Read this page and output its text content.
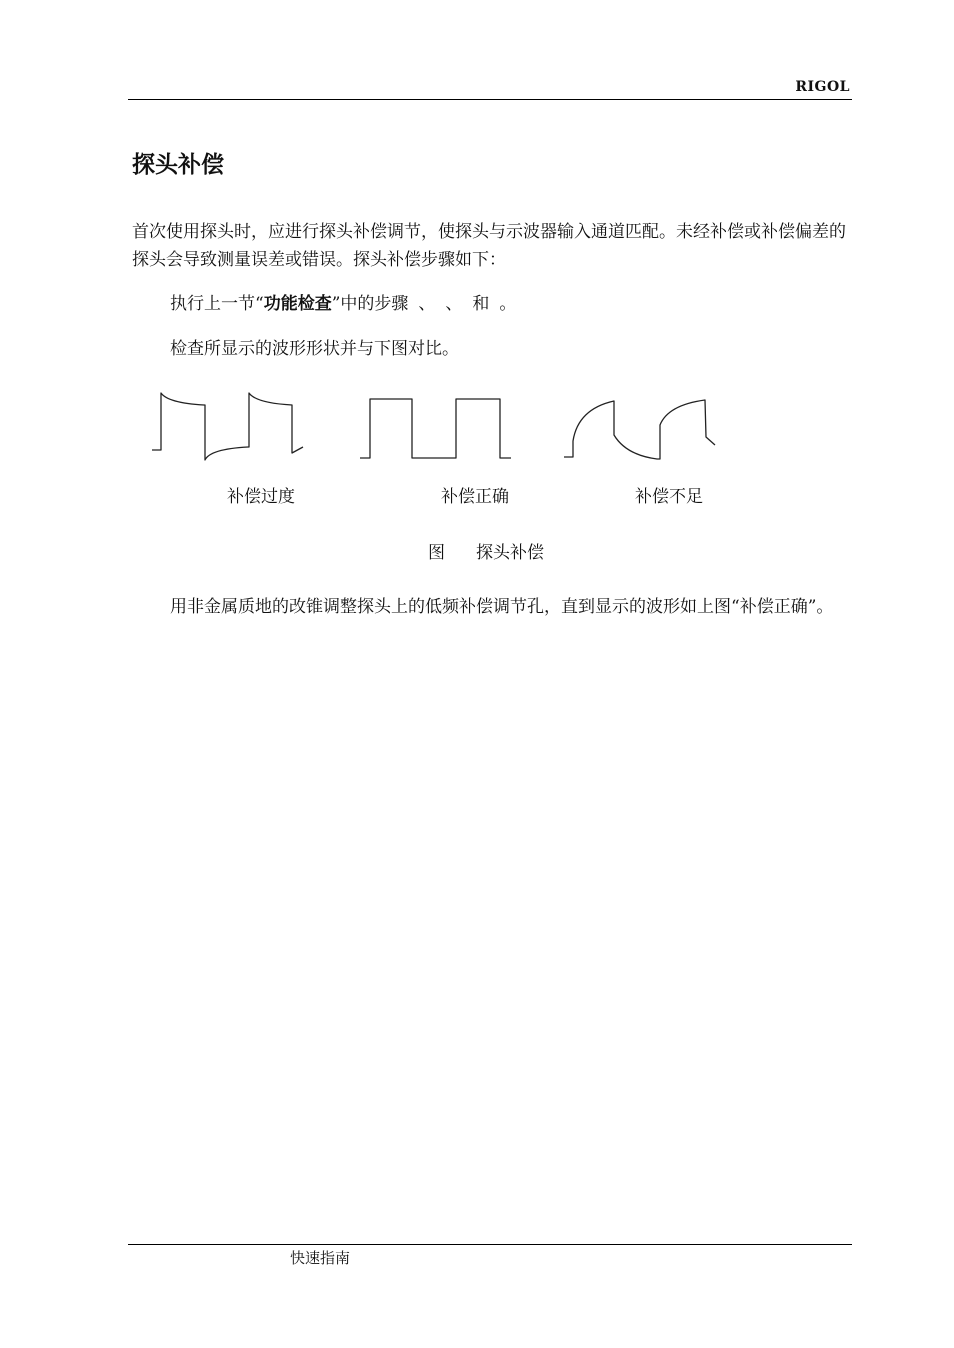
RIGOL
探头补偿

首次使用探头时，应进行探头补偿调节，使探头与示波器输入通道匹配。未经补偿或补偿偏差的探头会导致测量误差或错误。探头补偿步骤如下：

执行上一节“功能检查”中的步骤 、 、 和 。

检查所显示的波形形状并与下图对比。

补偿过度	补偿正确	补偿不足
图 探头补偿

用非金属质地的改锥调整探头上的低频补偿调节孔，直到显示的波形如上图“补偿正确”。

快速指南
